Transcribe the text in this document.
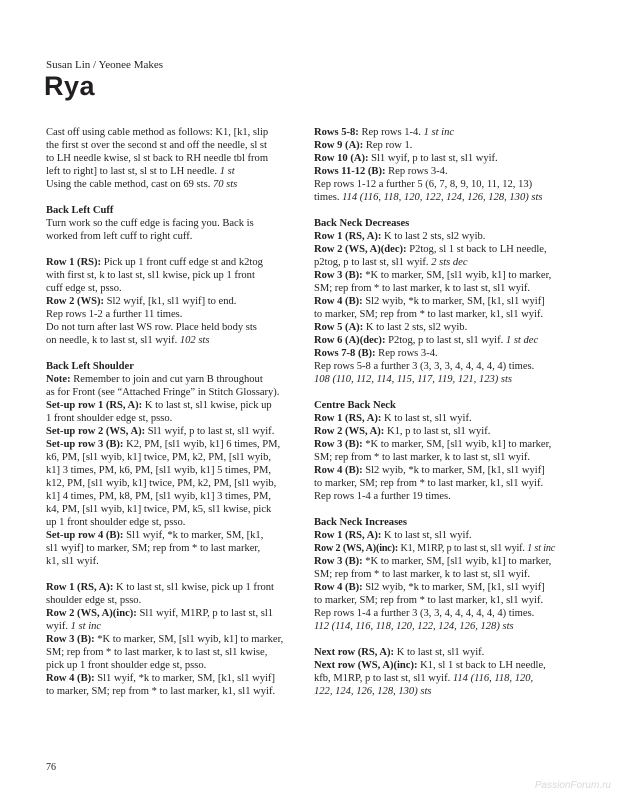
Susan Lin / Yeonee Makes
Rya
Cast off using cable method as follows: K1, [k1, slip
the first st over the second st and off the needle, sl st
to LH needle kwise, sl st back to RH needle tbl from
left to right] to last st, sl st to LH needle. 1 st
Using the cable method, cast on 69 sts. 70 sts
Back Left Cuff
Turn work so the cuff edge is facing you. Back is
worked from left cuff to right cuff.
Row 1 (RS): Pick up 1 front cuff edge st and k2tog
with first st, k to last st, sl1 kwise, pick up 1 front
cuff edge st, psso.
Row 2 (WS): Sl2 wyif, [k1, sl1 wyif] to end.
Rep rows 1-2 a further 11 times.
Do not turn after last WS row. Place held body sts
on needle, k to last st, sl1 wyif. 102 sts
Back Left Shoulder
Note: Remember to join and cut yarn B throughout
as for Front (see “Attached Fringe” in Stitch Glossary).
Set-up row 1 (RS, A): K to last st, sl1 kwise, pick up
1 front shoulder edge st, psso.
Set-up row 2 (WS, A): Sl1 wyif, p to last st, sl1 wyif.
Set-up row 3 (B): K2, PM, [sl1 wyib, k1] 6 times, PM,
k6, PM, [sl1 wyib, k1] twice, PM, k2, PM, [sl1 wyib,
k1] 3 times, PM, k6, PM, [sl1 wyib, k1] 5 times, PM,
k12, PM, [sl1 wyib, k1] twice, PM, k2, PM, [sl1 wyib,
k1] 4 times, PM, k8, PM, [sl1 wyib, k1] 3 times, PM,
k4, PM, [sl1 wyib, k1] twice, PM, k5, sl1 kwise, pick
up 1 front shoulder edge st, psso.
Set-up row 4 (B): Sl1 wyif, *k to marker, SM, [k1,
sl1 wyif] to marker, SM; rep from * to last marker,
k1, sl1 wyif.
Row 1 (RS, A): K to last st, sl1 kwise, pick up 1 front
shoulder edge st, psso.
Row 2 (WS, A)(inc): Sl1 wyif, M1RP, p to last st, sl1
wyif. 1 st inc
Row 3 (B): *K to marker, SM, [sl1 wyib, k1] to marker,
SM; rep from * to last marker, k to last st, sl1 kwise,
pick up 1 front shoulder edge st, psso.
Row 4 (B): Sl1 wyif, *k to marker, SM, [k1, sl1 wyif]
to marker, SM; rep from * to last marker, k1, sl1 wyif.
Rows 5-8: Rep rows 1-4. 1 st inc
Row 9 (A): Rep row 1.
Row 10 (A): Sl1 wyif, p to last st, sl1 wyif.
Rows 11-12 (B): Rep rows 3-4.
Rep rows 1-12 a further 5 (6, 7, 8, 9, 10, 11, 12, 13)
times. 114 (116, 118, 120, 122, 124, 126, 128, 130) sts
Back Neck Decreases
Row 1 (RS, A): K to last 2 sts, sl2 wyib.
Row 2 (WS, A)(dec): P2tog, sl 1 st back to LH needle,
p2tog, p to last st, sl1 wyif. 2 sts dec
Row 3 (B): *K to marker, SM, [sl1 wyib, k1] to marker,
SM; rep from * to last marker, k to last st, sl1 wyif.
Row 4 (B): Sl2 wyib, *k to marker, SM, [k1, sl1 wyif]
to marker, SM; rep from * to last marker, k1, sl1 wyif.
Row 5 (A): K to last 2 sts, sl2 wyib.
Row 6 (A)(dec): P2tog, p to last st, sl1 wyif. 1 st dec
Rows 7-8 (B): Rep rows 3-4.
Rep rows 5-8 a further 3 (3, 3, 3, 4, 4, 4, 4, 4) times.
108 (110, 112, 114, 115, 117, 119, 121, 123) sts
Centre Back Neck
Row 1 (RS, A): K to last st, sl1 wyif.
Row 2 (WS, A): K1, p to last st, sl1 wyif.
Row 3 (B): *K to marker, SM, [sl1 wyib, k1] to marker,
SM; rep from * to last marker, k to last st, sl1 wyif.
Row 4 (B): Sl2 wyib, *k to marker, SM, [k1, sl1 wyif]
to marker, SM; rep from * to last marker, k1, sl1 wyif.
Rep rows 1-4 a further 19 times.
Back Neck Increases
Row 1 (RS, A): K to last st, sl1 wyif.
Row 2 (WS, A)(inc): K1, M1RP, p to last st, sl1 wyif. 1 st inc
Row 3 (B): *K to marker, SM, [sl1 wyib, k1] to marker,
SM; rep from * to last marker, k to last st, sl1 wyif.
Row 4 (B): Sl2 wyib, *k to marker, SM, [k1, sl1 wyif]
to marker, SM; rep from * to last marker, k1, sl1 wyif.
Rep rows 1-4 a further 3 (3, 3, 4, 4, 4, 4, 4, 4) times.
112 (114, 116, 118, 120, 122, 124, 126, 128) sts
Next row (RS, A): K to last st, sl1 wyif.
Next row (WS, A)(inc): K1, sl 1 st back to LH needle,
kfb, M1RP, p to last st, sl1 wyif. 114 (116, 118, 120,
122, 124, 126, 128, 130) sts
76
PassionForum.ru
